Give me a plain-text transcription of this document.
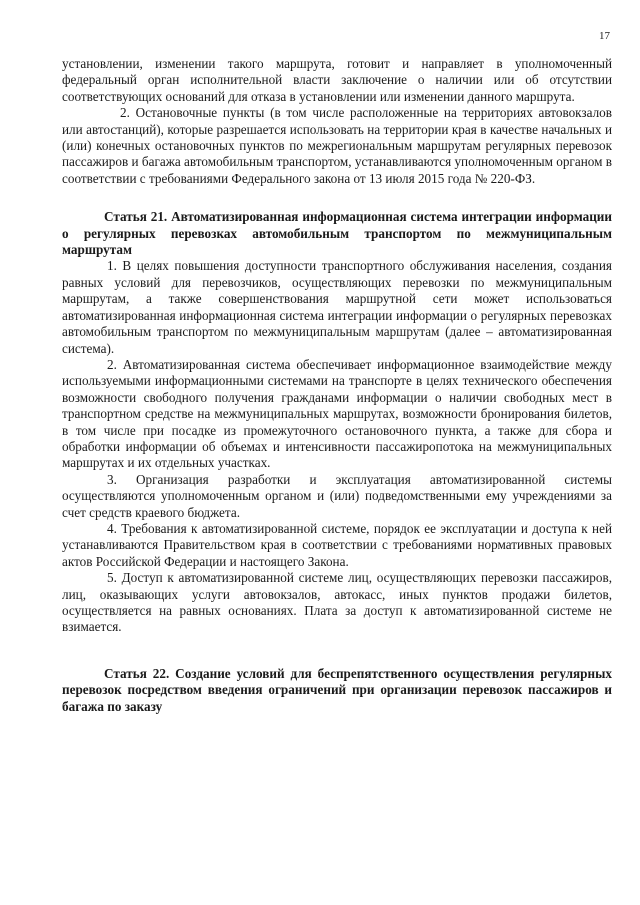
17

установлении, изменении такого маршрута, готовит и направляет в уполномоченный федеральный орган исполнительной власти заключение о наличии или об отсутствии соответствующих оснований для отказа в установлении или изменении данного маршрута.

2. Остановочные пункты (в том числе расположенные на территориях автовокзалов или автостанций), которые разрешается использовать на территории края в качестве начальных и (или) конечных остановочных пунктов по межрегиональным маршрутам регулярных перевозок пассажиров и багажа автомобильным транспортом, устанавливаются уполномоченным органом в соответствии с требованиями Федерального закона от 13 июля 2015 года № 220-ФЗ.

Статья 21. Автоматизированная информационная система интеграции информации о регулярных перевозках автомобильным транспортом по межмуниципальным маршрутам

1. В целях повышения доступности транспортного обслуживания населения, создания равных условий для перевозчиков, осуществляющих перевозки по межмуниципальным маршрутам, а также совершенствования маршрутной сети может использоваться автоматизированная информационная система интеграции информации о регулярных перевозках автомобильным транспортом по межмуниципальным маршрутам (далее – автоматизированная система).

2. Автоматизированная система обеспечивает информационное взаимодействие между используемыми информационными системами на транспорте в целях технического обеспечения возможности свободного получения гражданами информации о наличии свободных мест в транспортном средстве на межмуниципальных маршрутах, возможности бронирования билетов, в том числе при посадке из промежуточного остановочного пункта, а также для сбора и обработки информации об объемах и интенсивности пассажиропотока на межмуниципальных маршрутах и их отдельных участках.

3. Организация разработки и эксплуатация автоматизированной системы осуществляются уполномоченным органом и (или) подведомственными ему учреждениями за счет средств краевого бюджета.

4. Требования к автоматизированной системе, порядок ее эксплуатации и доступа к ней устанавливаются Правительством края в соответствии с требованиями нормативных правовых актов Российской Федерации и настоящего Закона.

5. Доступ к автоматизированной системе лиц, осуществляющих перевозки пассажиров, лиц, оказывающих услуги автовокзалов, автокасс, иных пунктов продажи билетов, осуществляется на равных основаниях. Плата за доступ к автоматизированной системе не взимается.

Статья 22. Создание условий для беспрепятственного осуществления регулярных перевозок посредством введения ограничений при организации перевозок пассажиров и багажа по заказу
